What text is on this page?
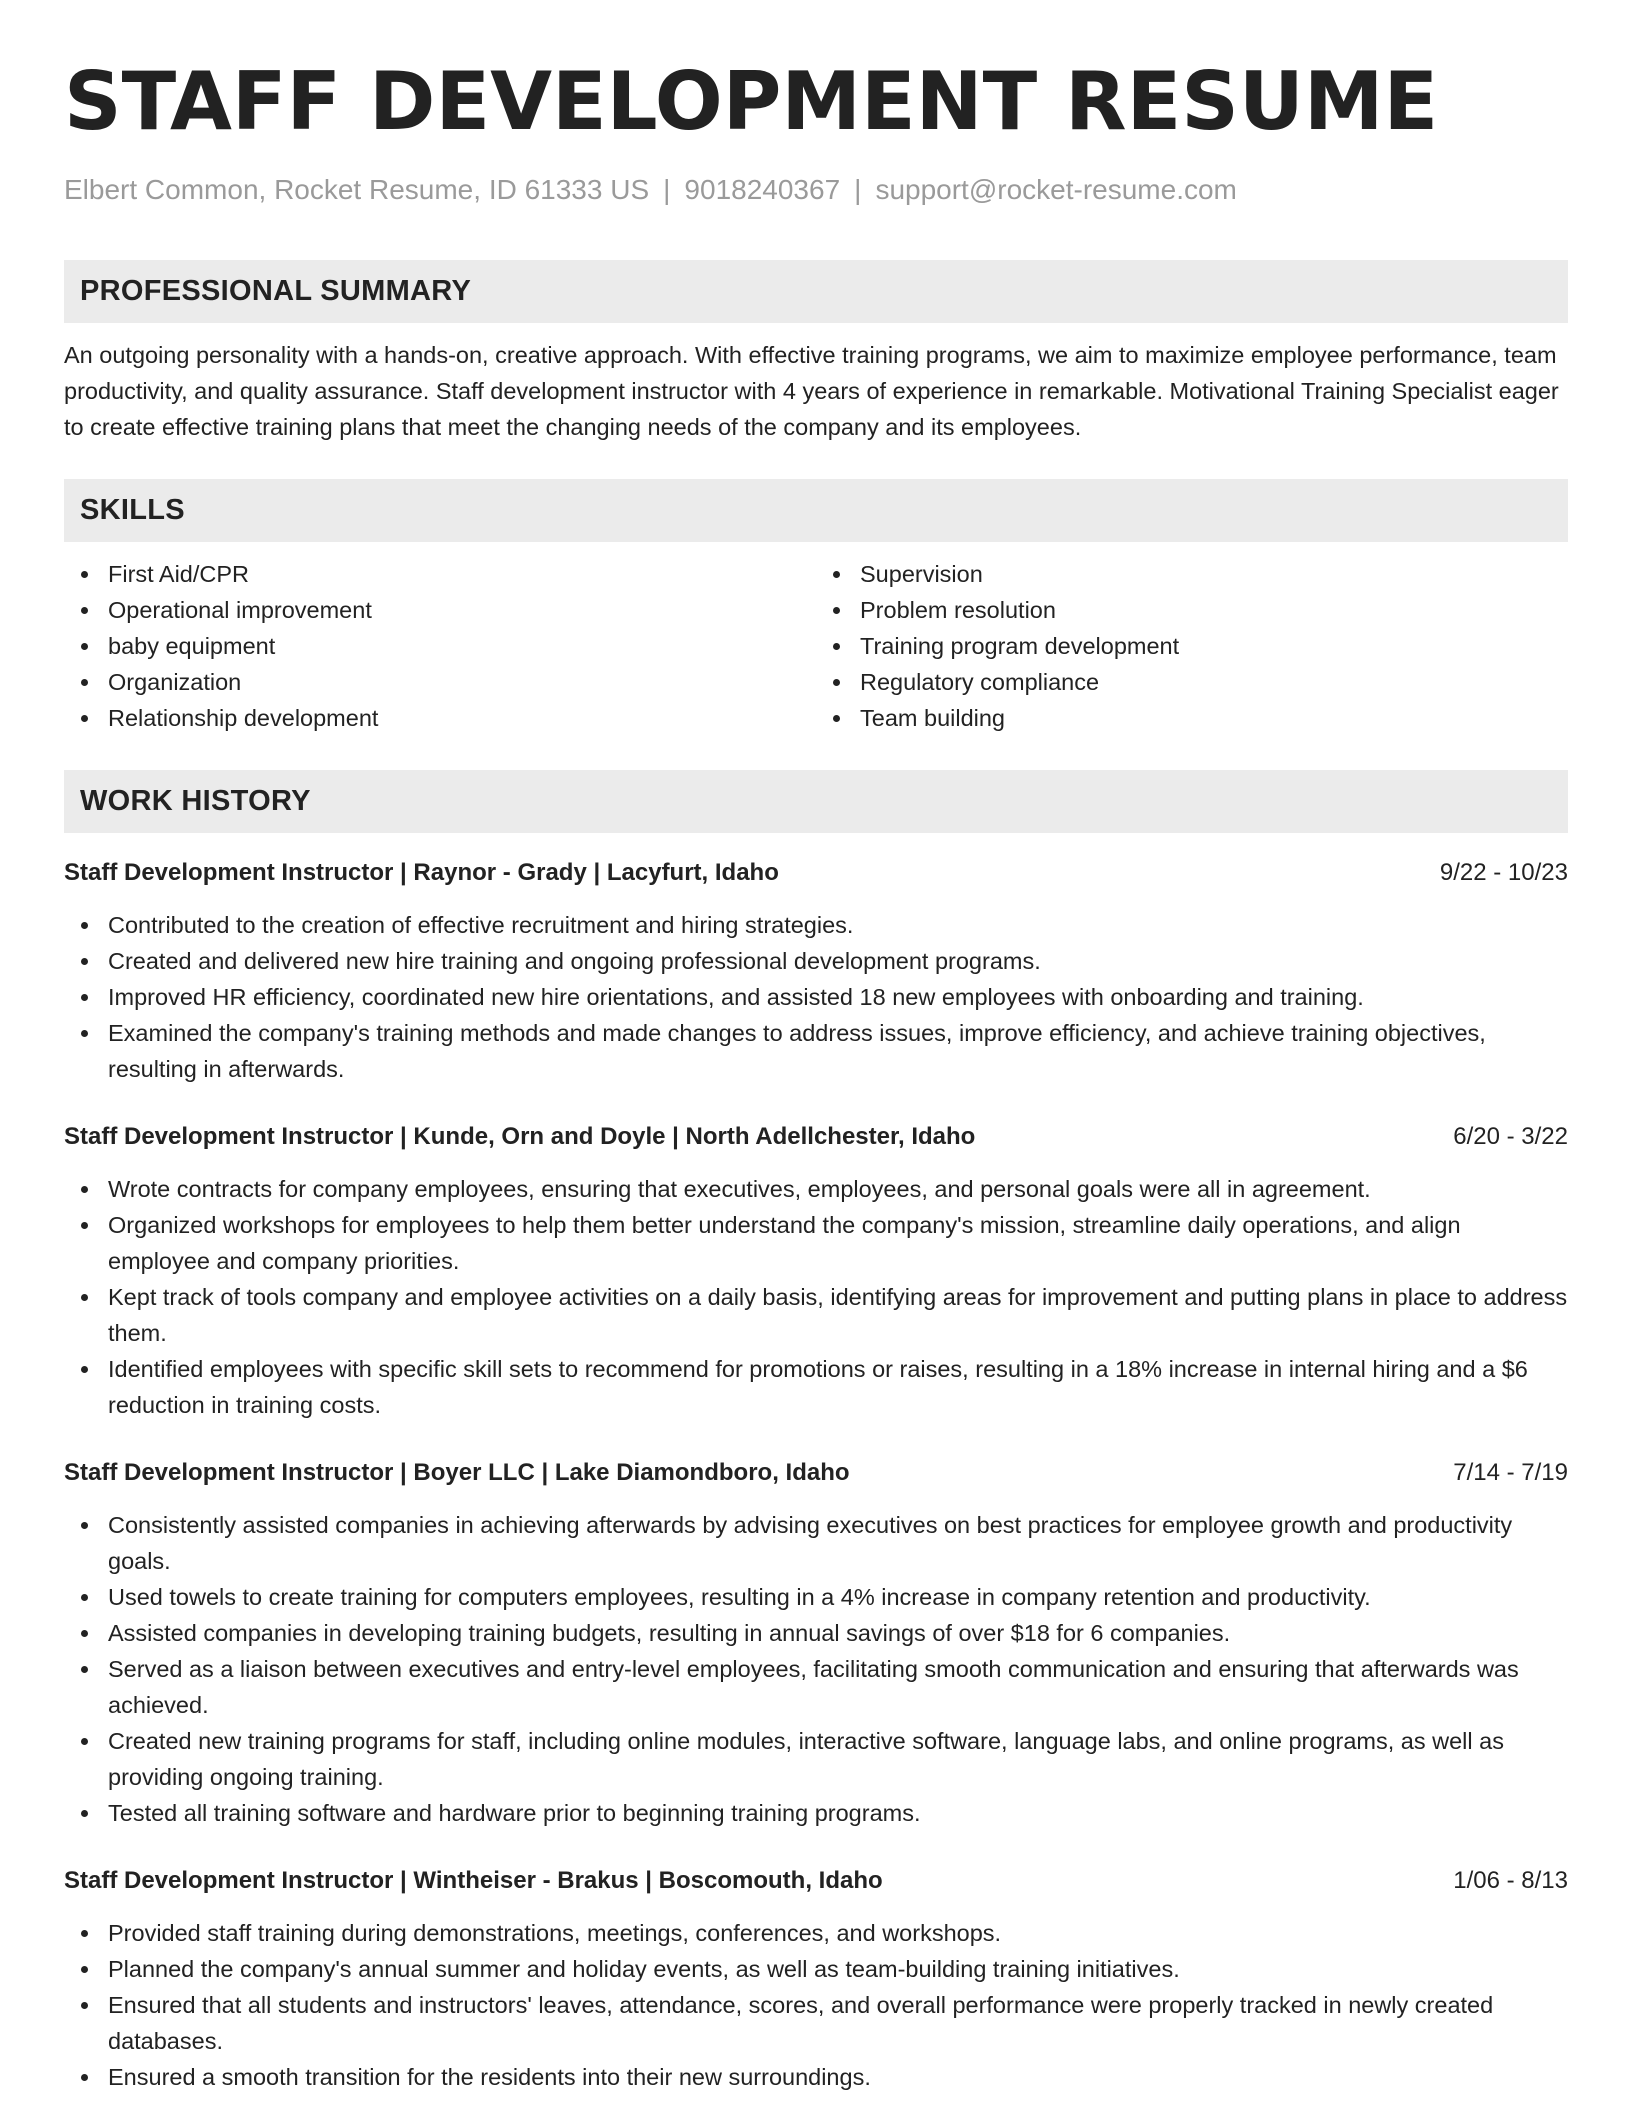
STAFF DEVELOPMENT RESUME
Elbert Common, Rocket Resume, ID 61333 US | 9018240367 | support@rocket-resume.com
PROFESSIONAL SUMMARY
An outgoing personality with a hands-on, creative approach. With effective training programs, we aim to maximize employee performance, team productivity, and quality assurance. Staff development instructor with 4 years of experience in remarkable. Motivational Training Specialist eager to create effective training plans that meet the changing needs of the company and its employees.
SKILLS
First Aid/CPR
Operational improvement
baby equipment
Organization
Relationship development
Supervision
Problem resolution
Training program development
Regulatory compliance
Team building
WORK HISTORY
Staff Development Instructor | Raynor - Grady | Lacyfurt, Idaho	9/22 - 10/23
Contributed to the creation of effective recruitment and hiring strategies.
Created and delivered new hire training and ongoing professional development programs.
Improved HR efficiency, coordinated new hire orientations, and assisted 18 new employees with onboarding and training.
Examined the company's training methods and made changes to address issues, improve efficiency, and achieve training objectives, resulting in afterwards.
Staff Development Instructor | Kunde, Orn and Doyle | North Adellchester, Idaho	6/20 - 3/22
Wrote contracts for company employees, ensuring that executives, employees, and personal goals were all in agreement.
Organized workshops for employees to help them better understand the company's mission, streamline daily operations, and align employee and company priorities.
Kept track of tools company and employee activities on a daily basis, identifying areas for improvement and putting plans in place to address them.
Identified employees with specific skill sets to recommend for promotions or raises, resulting in a 18% increase in internal hiring and a $6 reduction in training costs.
Staff Development Instructor | Boyer LLC | Lake Diamondboro, Idaho	7/14 - 7/19
Consistently assisted companies in achieving afterwards by advising executives on best practices for employee growth and productivity goals.
Used towels to create training for computers employees, resulting in a 4% increase in company retention and productivity.
Assisted companies in developing training budgets, resulting in annual savings of over $18 for 6 companies.
Served as a liaison between executives and entry-level employees, facilitating smooth communication and ensuring that afterwards was achieved.
Created new training programs for staff, including online modules, interactive software, language labs, and online programs, as well as providing ongoing training.
Tested all training software and hardware prior to beginning training programs.
Staff Development Instructor | Wintheiser - Brakus | Boscomouth, Idaho	1/06 - 8/13
Provided staff training during demonstrations, meetings, conferences, and workshops.
Planned the company's annual summer and holiday events, as well as team-building training initiatives.
Ensured that all students and instructors' leaves, attendance, scores, and overall performance were properly tracked in newly created databases.
Ensured a smooth transition for the residents into their new surroundings.
